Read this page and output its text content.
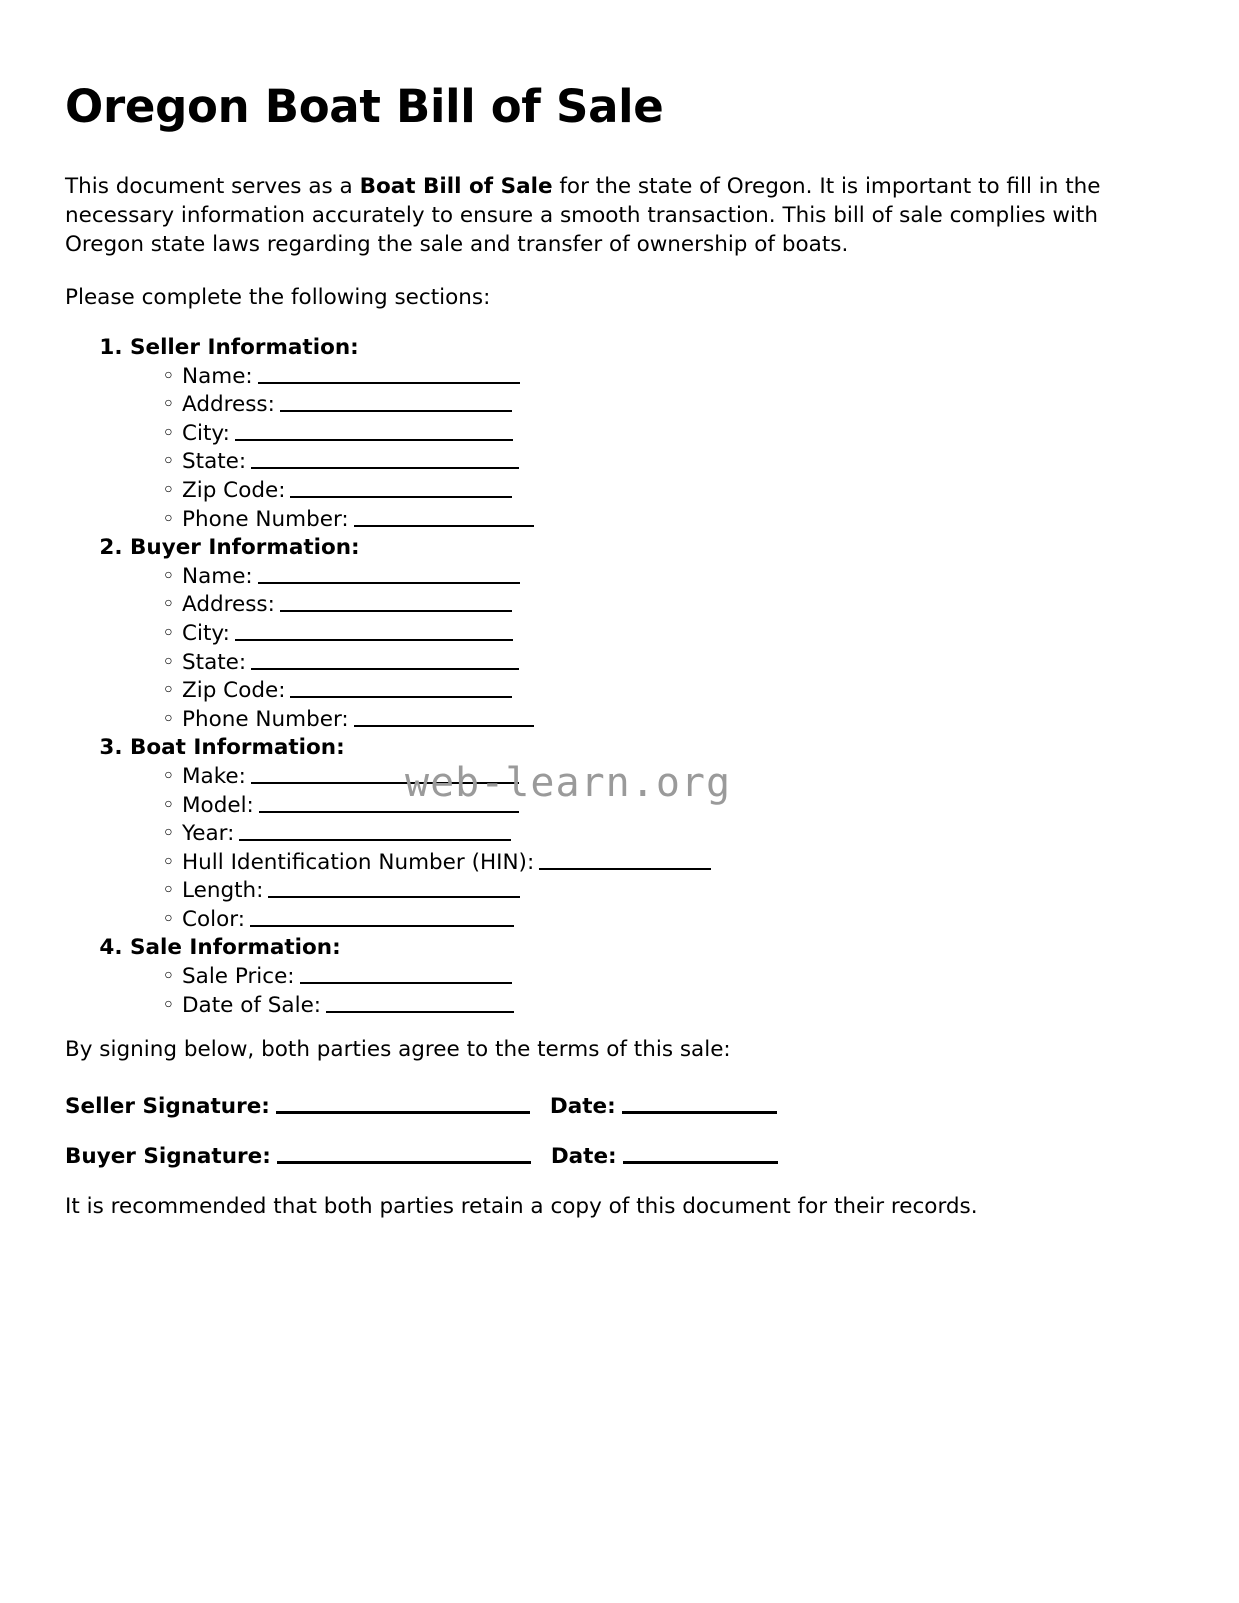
Oregon Boat Bill of Sale

This document serves as a Boat Bill of Sale for the state of Oregon. It is important to fill in the necessary information accurately to ensure a smooth transaction. This bill of sale complies with Oregon state laws regarding the sale and transfer of ownership of boats.

Please complete the following sections:

1. Seller Information:
◦ Name:
◦ Address:
◦ City:
◦ State:
◦ Zip Code:
◦ Phone Number:
2. Buyer Information:
◦ Name:
◦ Address:
◦ City:
◦ State:
◦ Zip Code:
◦ Phone Number:
3. Boat Information:
◦ Make:
◦ Model:
◦ Year:
◦ Hull Identification Number (HIN):
◦ Length:
◦ Color:
4. Sale Information:
◦ Sale Price:
◦ Date of Sale:

By signing below, both parties agree to the terms of this sale:

Seller Signature:	Date:
Buyer Signature:	Date:

It is recommended that both parties retain a copy of this document for their records.

web-learn.org
